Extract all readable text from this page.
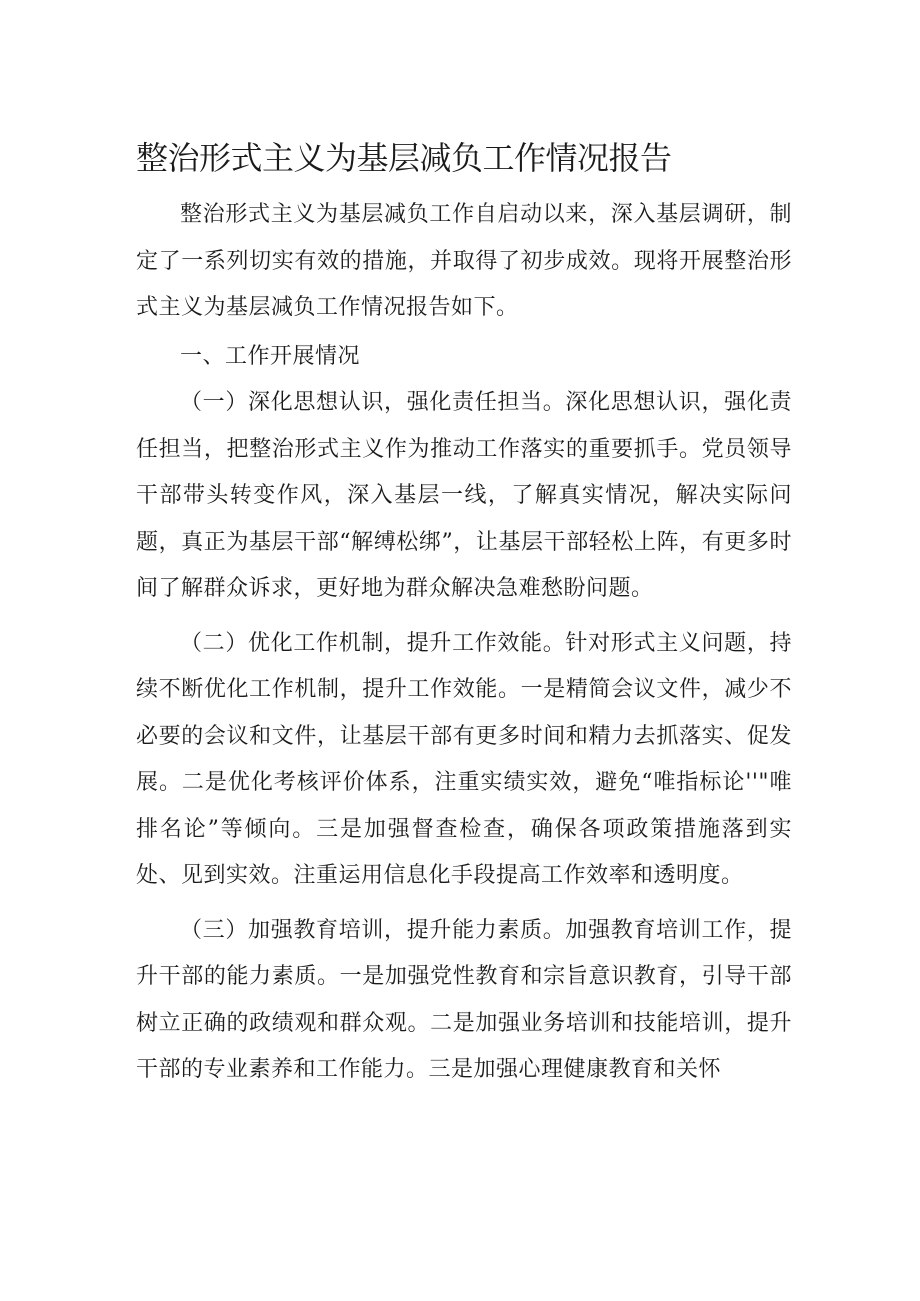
整治形式主义为基层减负工作情况报告

整治形式主义为基层减负工作自启动以来，深入基层调研，制定了一系列切实有效的措施，并取得了初步成效。现将开展整治形式主义为基层减负工作情况报告如下。

一、工作开展情况

（一）深化思想认识，强化责任担当。深化思想认识，强化责任担当，把整治形式主义作为推动工作落实的重要抓手。党员领导干部带头转变作风，深入基层一线，了解真实情况，解决实际问题，真正为基层干部“解缚松绑”，让基层干部轻松上阵，有更多时间了解群众诉求，更好地为群众解决急难愁盼问题。

（二）优化工作机制，提升工作效能。针对形式主义问题，持续不断优化工作机制，提升工作效能。一是精简会议文件，减少不必要的会议和文件，让基层干部有更多时间和精力去抓落实、促发展。二是优化考核评价体系，注重实绩实效，避免“唯指标论''"唯排名论”等倾向。三是加强督查检查，确保各项政策措施落到实处、见到实效。注重运用信息化手段提高工作效率和透明度。

（三）加强教育培训，提升能力素质。加强教育培训工作，提升干部的能力素质。一是加强党性教育和宗旨意识教育，引导干部树立正确的政绩观和群众观。二是加强业务培训和技能培训，提升干部的专业素养和工作能力。三是加强心理健康教育和关怀
